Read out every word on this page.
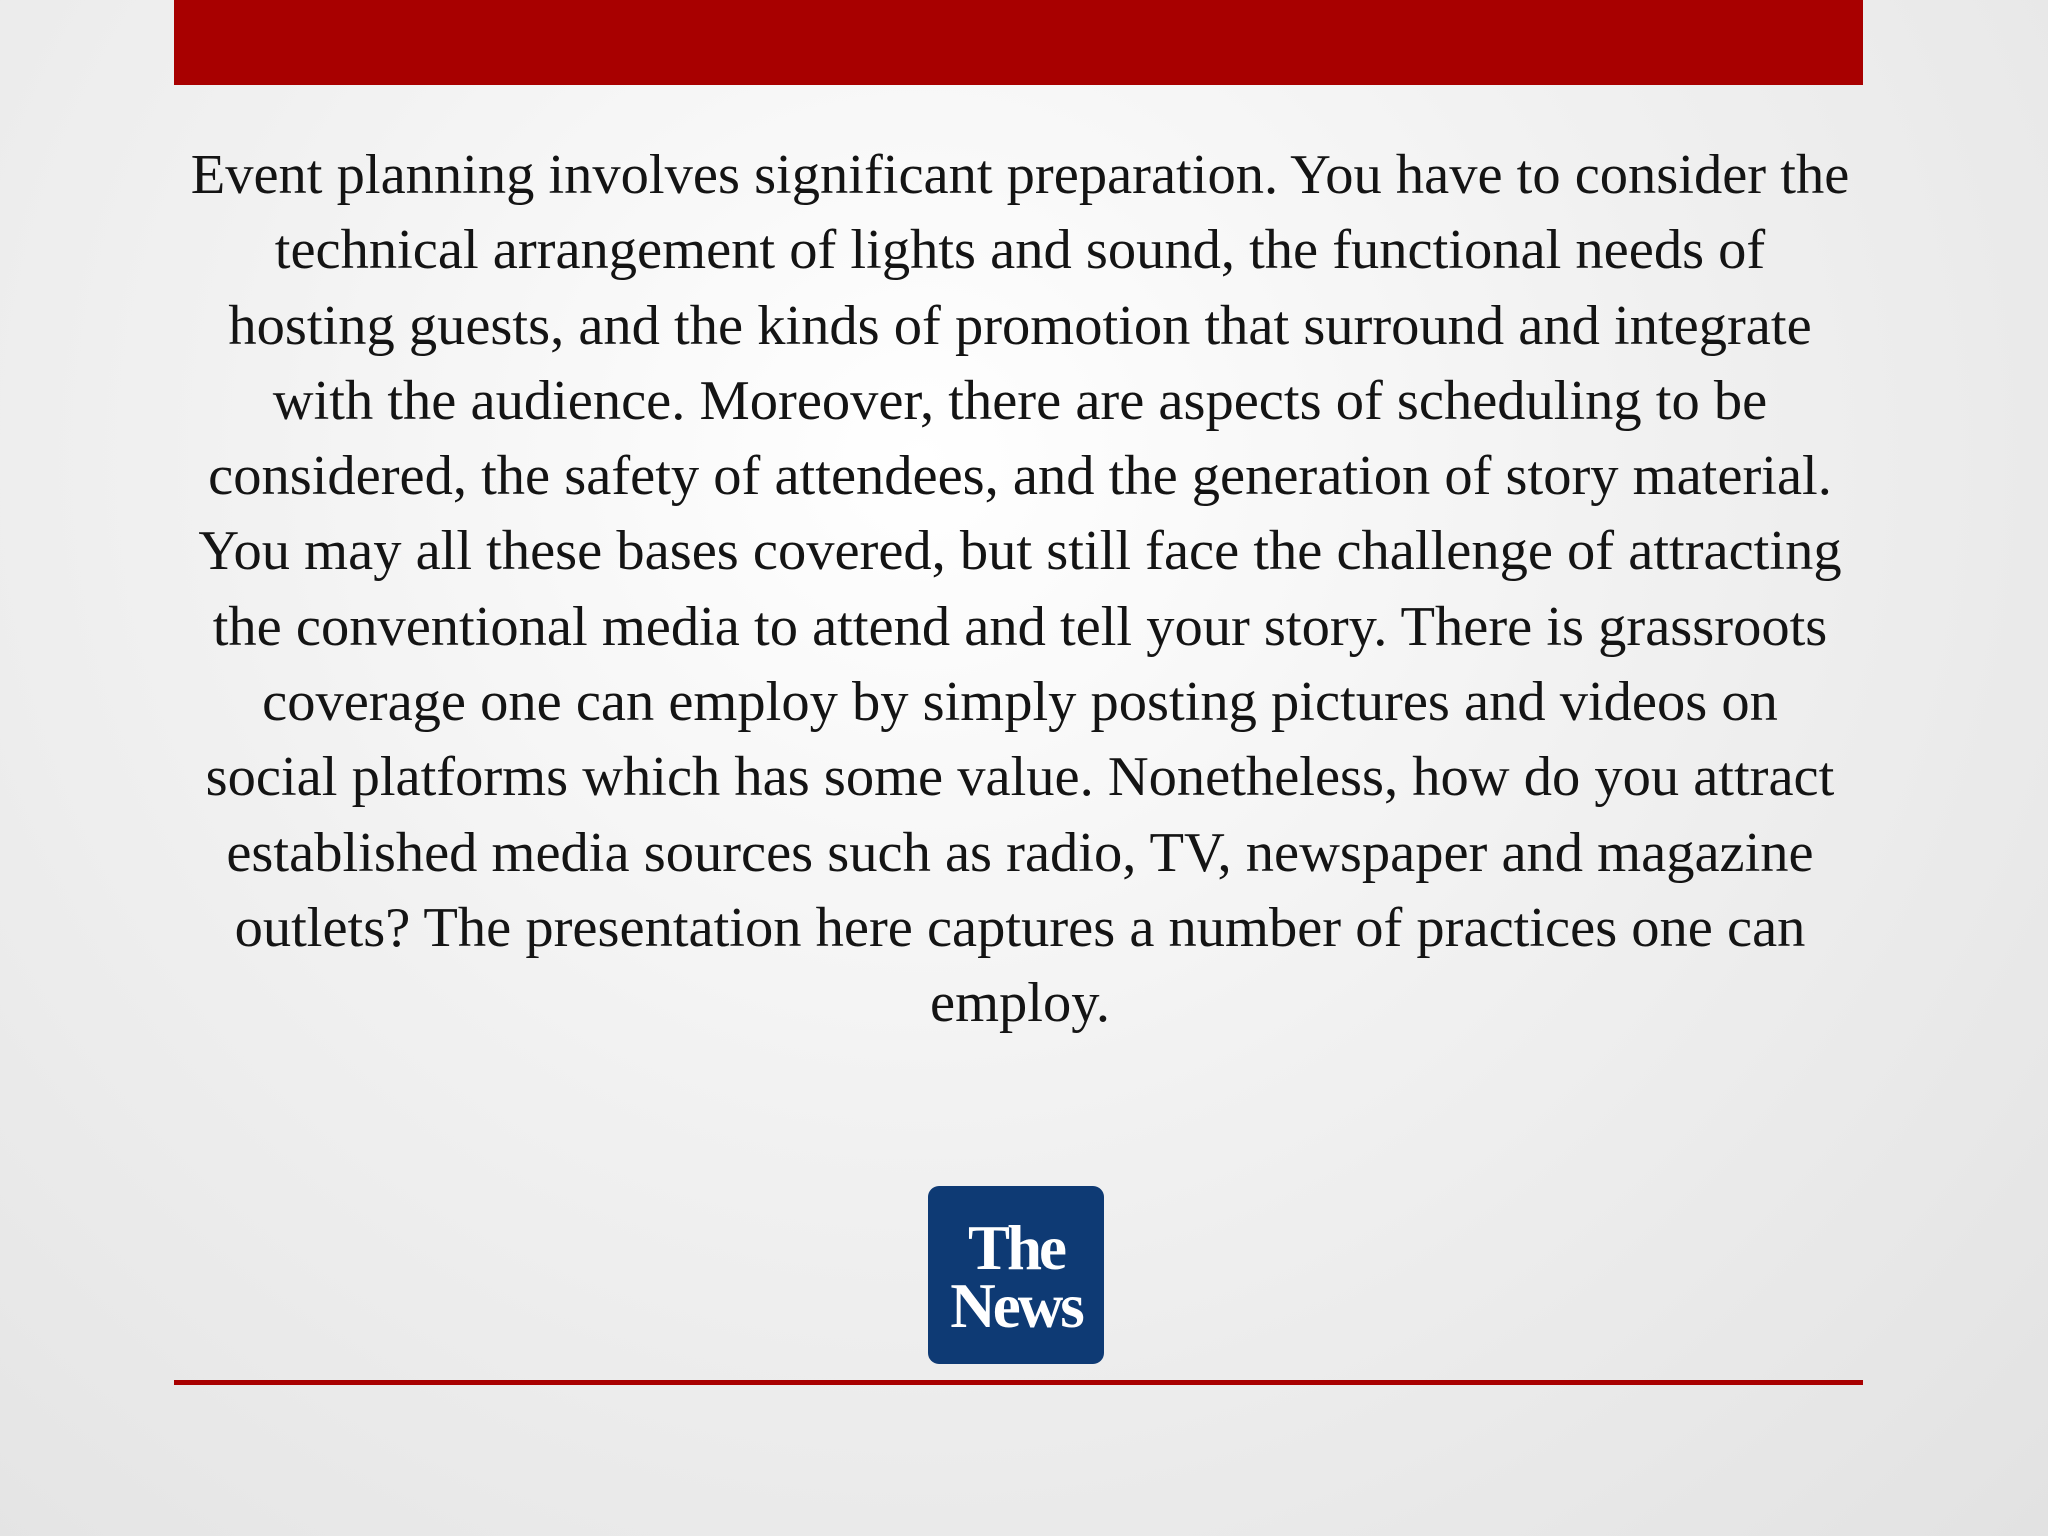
Event planning involves significant preparation. You have to consider the technical arrangement of lights and sound, the functional needs of hosting guests, and the kinds of promotion that surround and integrate with the audience. Moreover, there are aspects of scheduling to be considered, the safety of attendees, and the generation of story material. You may all these bases covered, but still face the challenge of attracting the conventional media to attend and tell your story. There is grassroots coverage one can employ by simply posting pictures and videos on social platforms which has some value. Nonetheless, how do you attract established media sources such as radio, TV, newspaper and magazine outlets? The presentation here captures a number of practices one can employ.

The
News
